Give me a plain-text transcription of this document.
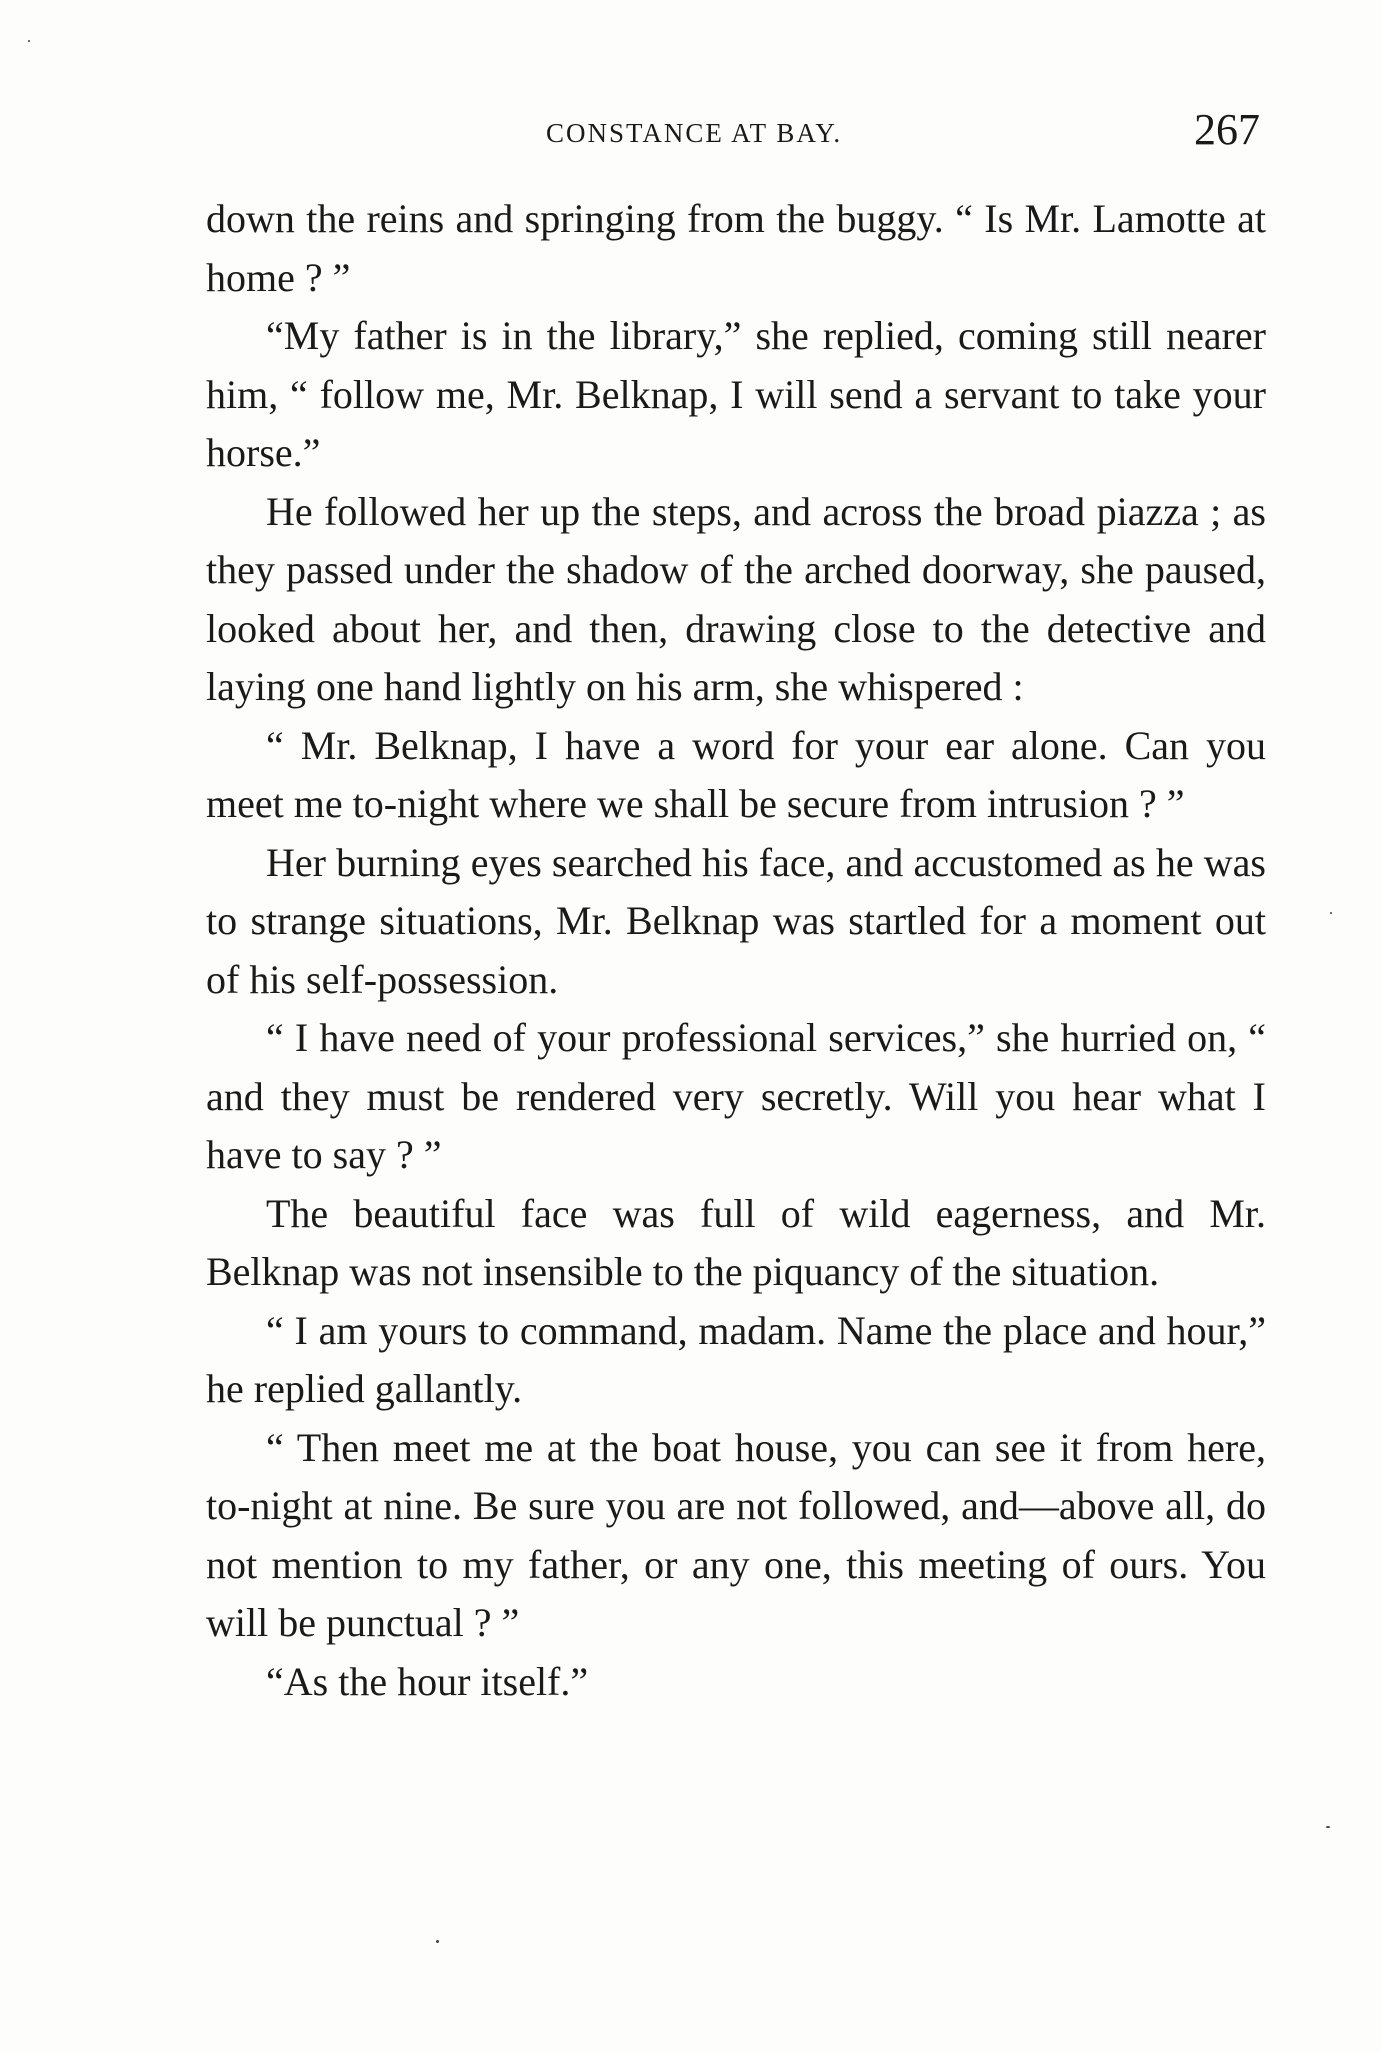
CONSTANCE AT BAY.	267

down the reins and springing from the buggy. “ Is Mr. Lamotte at home ? ”

“My father is in the library,” she replied, coming still nearer him, “ follow me, Mr. Belknap, I will send a servant to take your horse.”

He followed her up the steps, and across the broad piazza ; as they passed under the shadow of the arched doorway, she paused, looked about her, and then, drawing close to the detective and laying one hand lightly on his arm, she whispered :

“ Mr. Belknap, I have a word for your ear alone. Can you meet me to-night where we shall be secure from intrusion ? ”

Her burning eyes searched his face, and accustomed as he was to strange situations, Mr. Belknap was startled for a moment out of his self-possession.

“ I have need of your professional services,” she hurried on, “ and they must be rendered very secretly. Will you hear what I have to say ? ”

The beautiful face was full of wild eagerness, and Mr. Belknap was not insensible to the piquancy of the situation.

“ I am yours to command, madam. Name the place and hour,” he replied gallantly.

“ Then meet me at the boat house, you can see it from here, to-night at nine. Be sure you are not followed, and—above all, do not mention to my father, or any one, this meeting of ours. You will be punctual ? ”

“As the hour itself.”
